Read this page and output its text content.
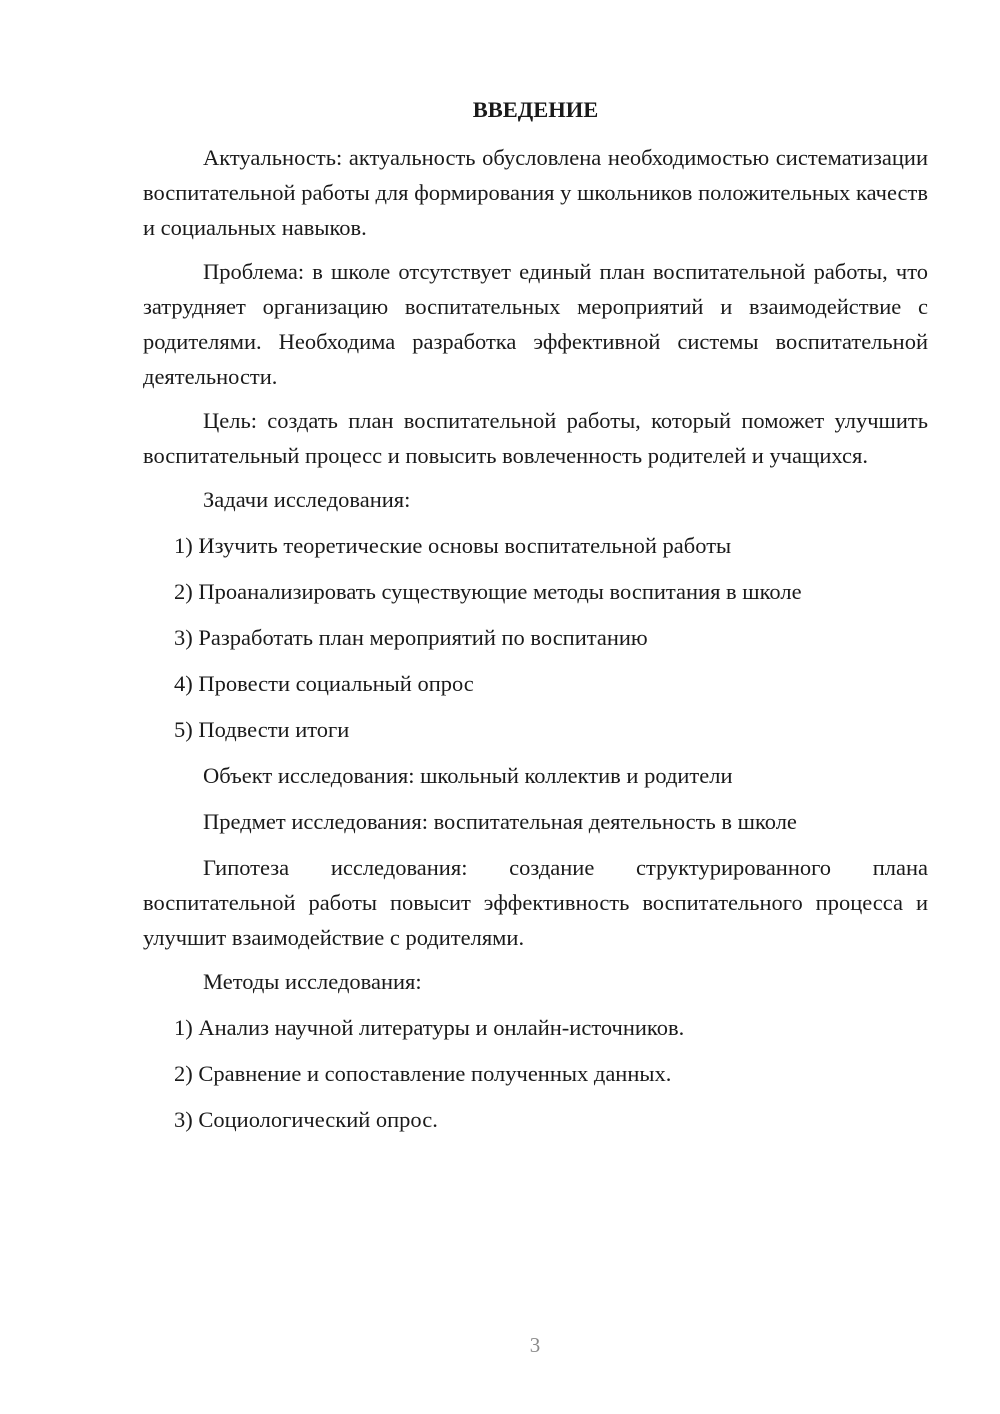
ВВЕДЕНИЕ

Актуальность: актуальность обусловлена необходимостью систематизации воспитательной работы для формирования у школьников положительных качеств и социальных навыков.

Проблема: в школе отсутствует единый план воспитательной работы, что затрудняет организацию воспитательных мероприятий и взаимодействие с родителями. Необходима разработка эффективной системы воспитательной деятельности.

Цель: создать план воспитательной работы, который поможет улучшить воспитательный процесс и повысить вовлеченность родителей и учащихся.

Задачи исследования:
1) Изучить теоретические основы воспитательной работы
2) Проанализировать существующие методы воспитания в школе
3) Разработать план мероприятий по воспитанию
4) Провести социальный опрос
5) Подвести итоги
Объект исследования: школьный коллектив и родители
Предмет исследования: воспитательная деятельность в школе

Гипотеза исследования: создание структурированного плана воспитательной работы повысит эффективность воспитательного процесса и улучшит взаимодействие с родителями.

Методы исследования:
1) Анализ научной литературы и онлайн-источников.
2) Сравнение и сопоставление полученных данных.
3) Социологический опрос.
3
